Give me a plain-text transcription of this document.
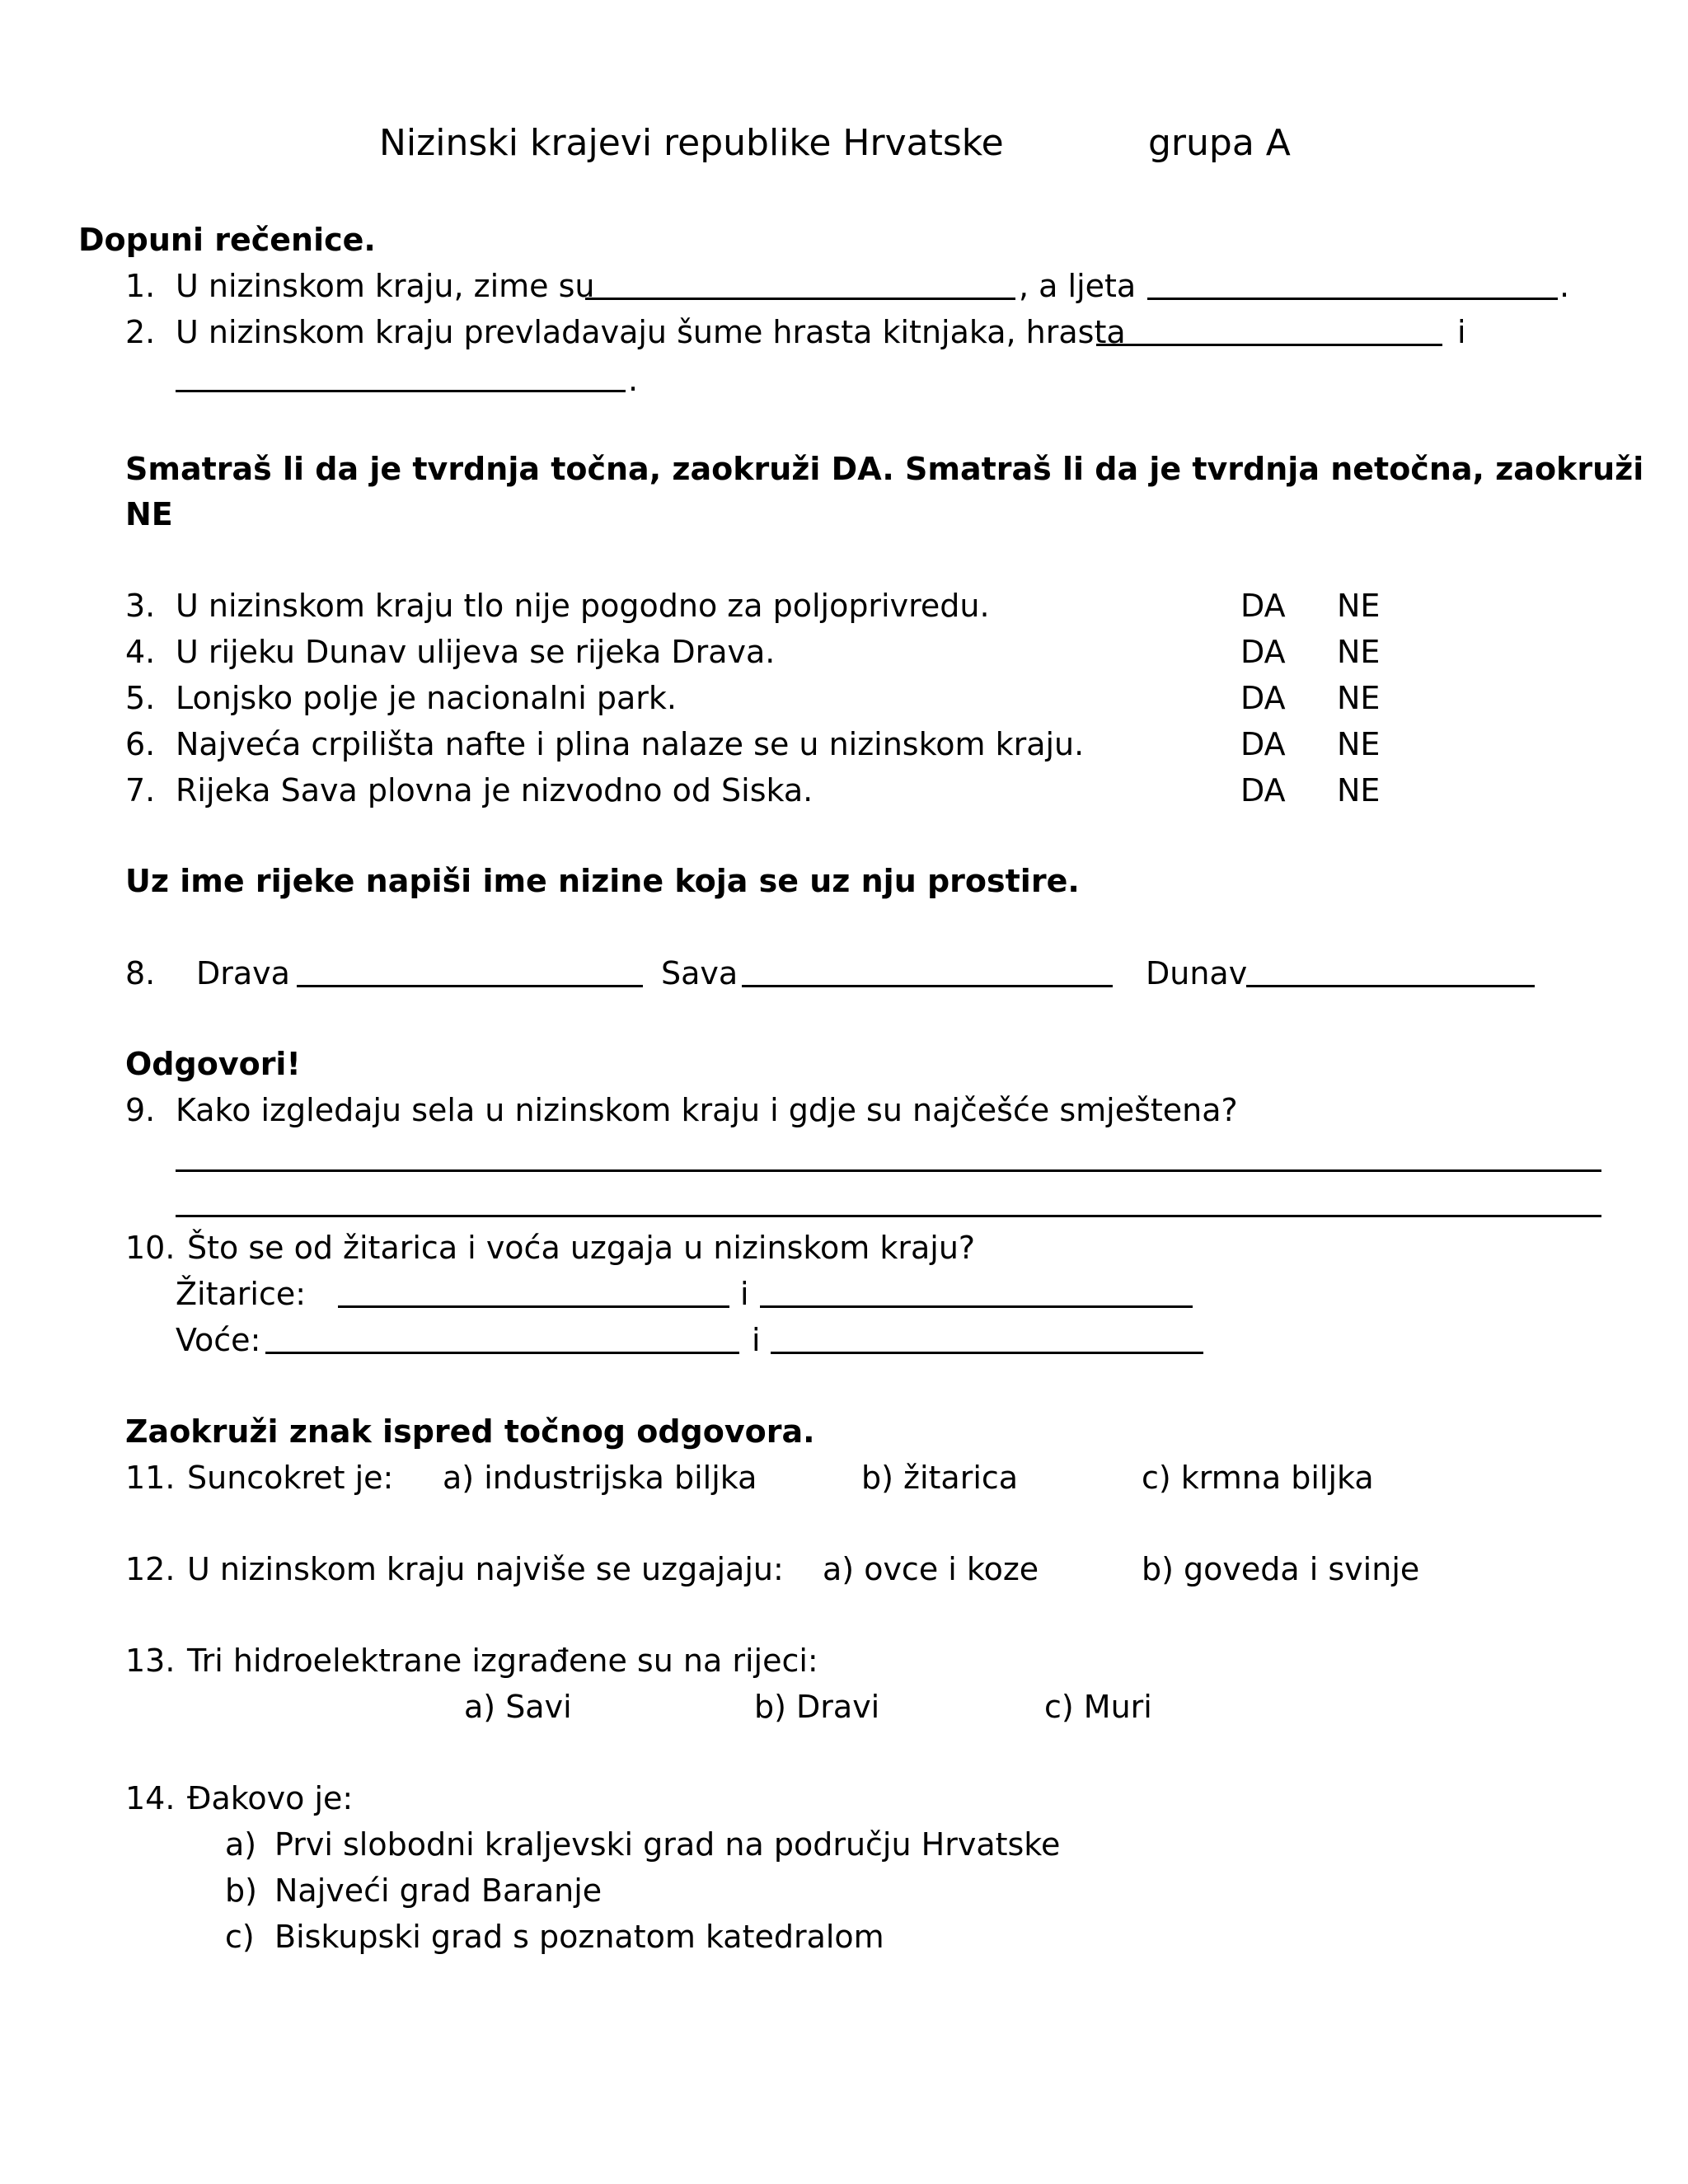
Nizinski krajevi republike Hrvatske	grupa A
Dopuni rečenice.
1. U nizinskom kraju, zime su	, a ljeta	.
2. U nizinskom kraju prevladavaju šume hrasta kitnjaka, hrasta	i
.
Smatraš li da je tvrdnja točna, zaokruži DA. Smatraš li da je tvrdnja netočna, zaokruži
NE
3. U nizinskom kraju tlo nije pogodno za poljoprivredu.	DA NE
4. U rijeku Dunav ulijeva se rijeka Drava.	DA NE
5. Lonjsko polje je nacionalni park.	DA NE
6. Najveća crpilišta nafte i plina nalaze se u nizinskom kraju.	DA NE
7. Rijeka Sava plovna je nizvodno od Siska.	DA NE
Uz ime rijeke napiši ime nizine koja se uz nju prostire.
8. Drava	Sava	Dunav
Odgovori!
9. Kako izgledaju sela u nizinskom kraju i gdje su najčešće smještena?
10. Što se od žitarica i voća uzgaja u nizinskom kraju?
Žitarice:	i
Voće:	i
Zaokruži znak ispred točnog odgovora.
11. Suncokret je: a) industrijska biljka	b) žitarica	c) krmna biljka
12. U nizinskom kraju najviše se uzgajaju: a) ovce i koze	b) goveda i svinje
13. Tri hidroelektrane izgrađene su na rijeci:
a) Savi	b) Dravi	c) Muri
14. Đakovo je:
a) Prvi slobodni kraljevski grad na području Hrvatske
b) Najveći grad Baranje
c) Biskupski grad s poznatom katedralom
